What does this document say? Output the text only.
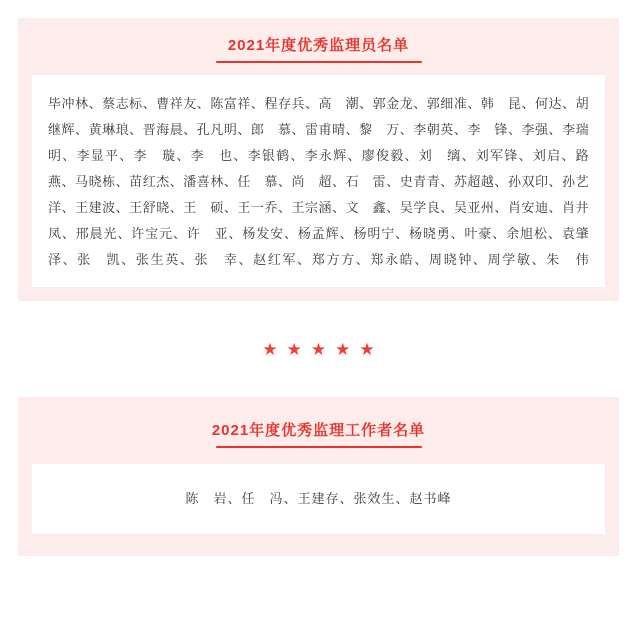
2021年度优秀监理员名单
毕冲林、蔡志标、曹祥友、陈富祥、程存兵、高　潮、郭金龙、郭细准、韩　昆、何达、胡继辉、黄琳琅、晋海晨、孔凡明、郎　慕、雷甫晴、黎　万、李朝英、李　锋、李强、李瑞明、李显平、李　璇、李　也、李银鹤、李永辉、廖俊毅、刘　缡、刘军锋、刘启、路　燕、马晓栋、苗红杰、潘喜林、任　慕、尚　超、石　雷、史青青、苏超越、孙双印、孙艺洋、王建波、王舒晓、王　硕、王一乔、王宗涵、文　鑫、吴学良、吴亚州、肖安迪、肖井凤、邢晨光、许宝元、许　亚、杨发安、杨孟辉、杨明宁、杨晓勇、叶豪、余旭松、袁肇泽、张　凯、张生英、张　幸、赵红军、郑方方、郑永皓、周晓钟、周学敏、朱　伟
★ ★ ★ ★ ★
2021年度优秀监理工作者名单
陈　岩、任　冯、王建存、张效生、赵书峰
